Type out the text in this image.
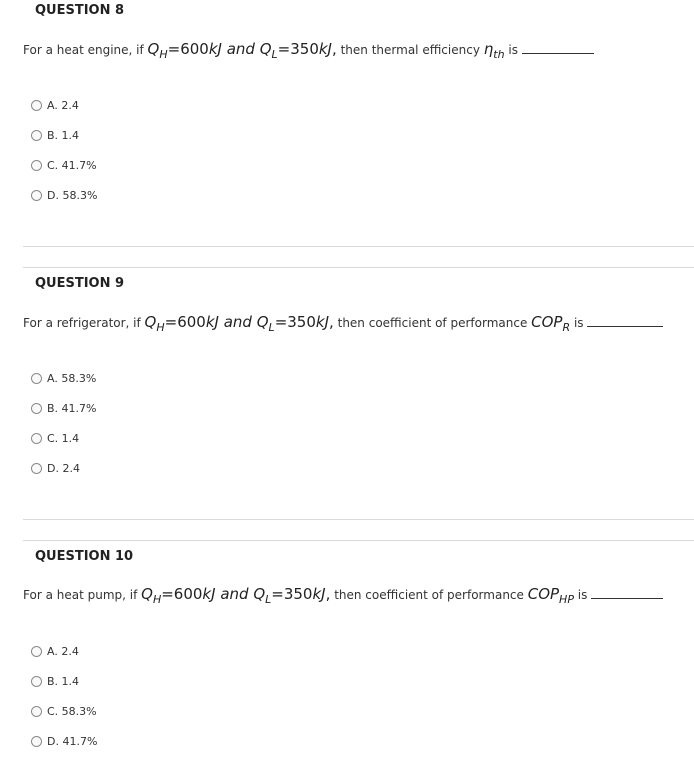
QUESTION 8
For a heat engine, if $Q_H=600kJ$ and $Q_L=350kJ$, then thermal efficiency $\eta_{th}$ is
A. 2.4
B. 1.4
C. 41.7%
D. 58.3%
QUESTION 9
For a refrigerator, if $Q_H=600kJ$ and $Q_L=350kJ$, then coefficient of performance $COP_R$ is
A. 58.3%
B. 41.7%
C. 1.4
D. 2.4
QUESTION 10
For a heat pump, if $Q_H=600kJ$ and $Q_L=350kJ$, then coefficient of performance $COP_{HP}$ is
A. 2.4
B. 1.4
C. 58.3%
D. 41.7%
